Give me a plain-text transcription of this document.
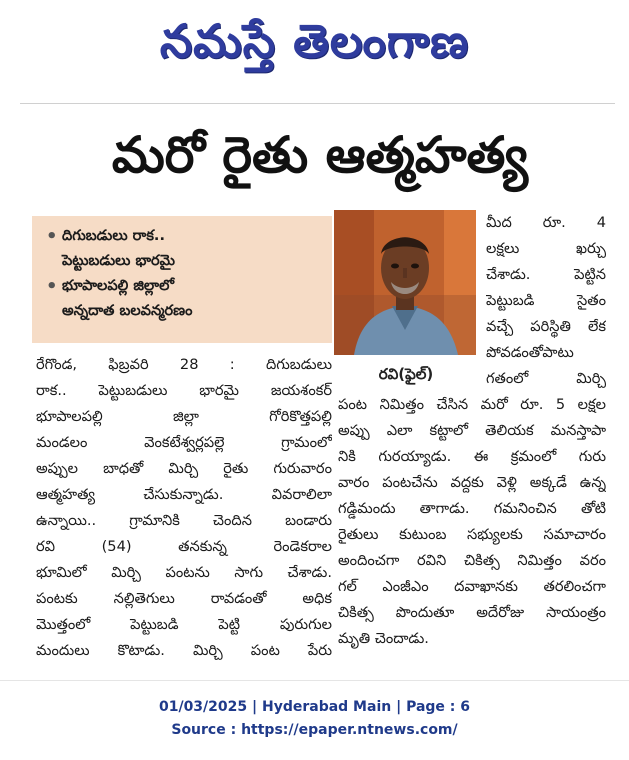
నమస్తే తెలంగాణ
మరో రైతు ఆత్మహత్య
• దిగుబడులు రాక..
పెట్టుబడులు భారమై
• భూపాలపల్లి జిల్లాలో
అన్నదాత బలవన్మరణం
రవి(ఫైల్)
రేగొండ, ఫిబ్రవరి 28 : దిగుబడులు
రాక.. పెట్టుబడులు భారమై జయశంకర్
భూపాలపల్లి జిల్లా గోరికొత్తపల్లి
మండలం వెంకటేశ్వర్లపల్లె గ్రామంలో
అప్పుల బాధతో మిర్చి రైతు గురువారం
ఆత్మహత్య చేసుకున్నాడు. వివరాలిలా
ఉన్నాయి.. గ్రామానికి చెందిన బండారు
రవి (54) తనకున్న రెండెకరాల
భూమిలో మిర్చి పంటను సాగు చేశాడు.
పంటకు నల్లితెగులు రావడంతో అధిక
మొత్తంలో పెట్టుబడి పెట్టి పురుగుల
మందులు కొటాడు. మిర్చి పంట పేరు
మీద రూ. 4
లక్షలు ఖర్చు
చేశాడు. పెట్టిన
పెట్టుబడి సైతం
వచ్చే పరిస్థితి లేక
పోవడంతోపాటు
గతంలో మిర్చి
పంట నిమిత్తం చేసిన మరో రూ. 5 లక్షల
అప్పు ఎలా కట్టాలో తెలియక మనస్తాపా
నికి గురయ్యాడు. ఈ క్రమంలో గురు
వారం పంటచేను వద్దకు వెళ్లి అక్కడే ఉన్న
గడ్డిమందు తాగాడు. గమనించిన తోటి
రైతులు కుటుంబ సభ్యులకు సమాచారం
అందించగా రవిని చికిత్స నిమిత్తం వరం
గల్ ఎంజీఎం దవాఖానకు తరలించగా
చికిత్స పొందుతూ అదేరోజు సాయంత్రం
మృతి చెందాడు.
01/03/2025 | Hyderabad Main | Page : 6
Source : https://epaper.ntnews.com/
